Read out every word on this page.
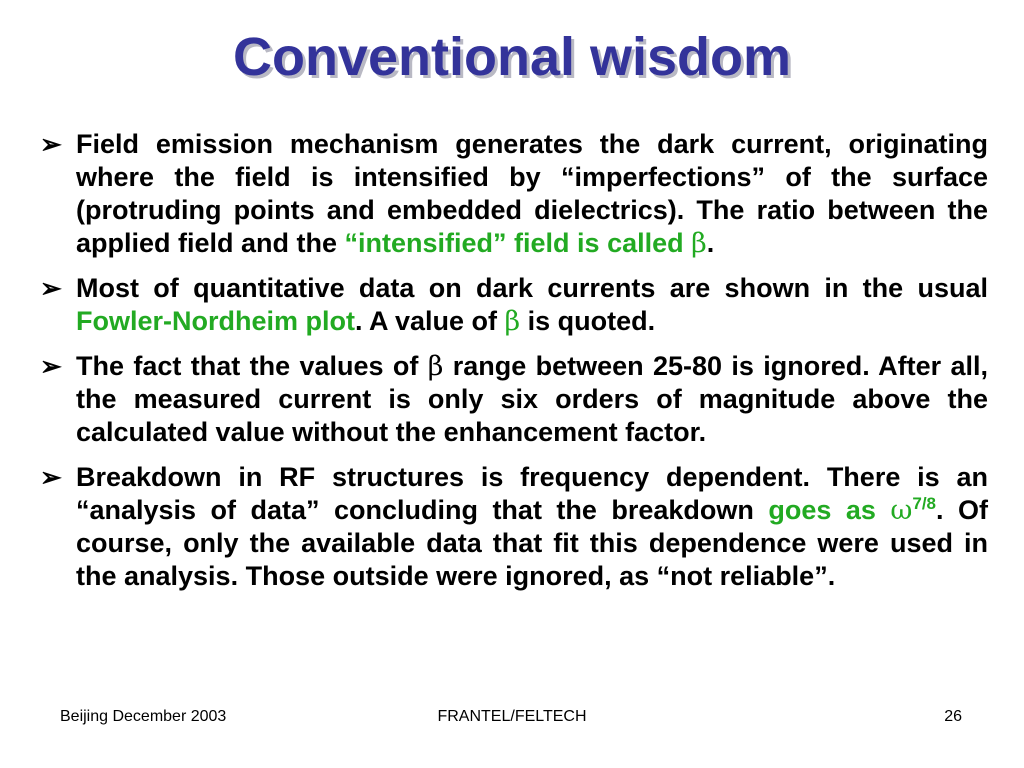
Conventional wisdom
➢ Field emission mechanism generates the dark current, originating where the field is intensified by “imperfections” of the surface (protruding points and embedded dielectrics). The ratio between the applied field and the “intensified” field is called β.
➢ Most of quantitative data on dark currents are shown in the usual Fowler-Nordheim plot. A value of β is quoted.
➢ The fact that the values of β range between 25-80 is ignored. After all, the measured current is only six orders of magnitude above the calculated value without the enhancement factor.
➢ Breakdown in RF structures is frequency dependent. There is an “analysis of data” concluding that the breakdown goes as $\omega^{7/8}$. Of course, only the available data that fit this dependence were used in the analysis. Those outside were ignored, as “not reliable”.
Beijing December 2003	FRANTEL/FELTECH	26
